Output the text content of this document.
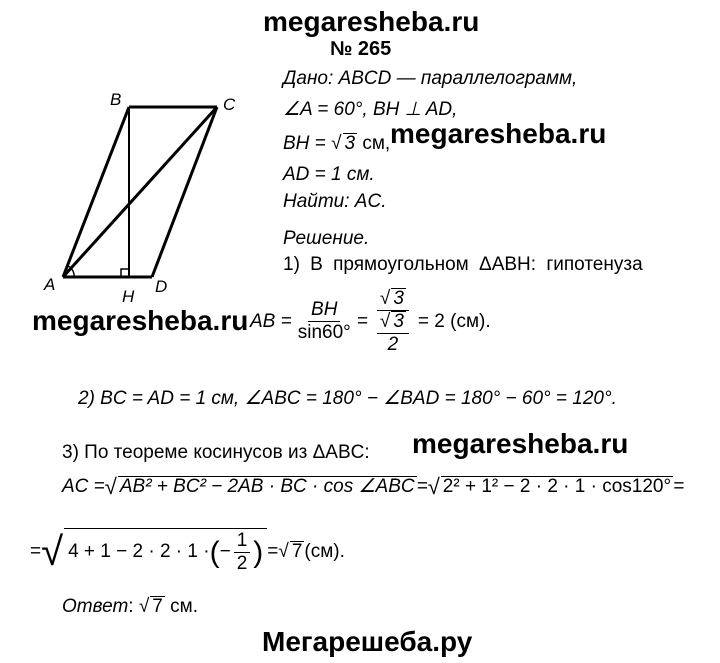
megaresheba.ru
megaresheba.ru
megaresheba.ru
megaresheba.ru
Мегарешеба.ру
№ 265
A
B	C
D
H
Дано: ABCD — параллелограмм,
∠A = 60°, BH ⊥ AD,
BH = √ 3 см,
AD = 1 см.
Найти: AC.
Решение.
1) В прямоугольном ΔABH: гипотенуза
AB = $\frac{BH}{\sin 60^\circ} = \frac{√ 3}{\frac{√ 3}{2}} = 2$ (см).
2) BC = AD = 1 см, ∠ABC = 180° − ∠BAD = 180° − 60° = 120°.
3) По теореме косинусов из ΔABC:
AC = √ AB² + BC² − 2AB · BC · cos ∠ABC = √ 2² + 1² − 2 · 2 · 1 · cos120° =
= √ 4 + 1 − 2 · 2 · 1 · ( − $\frac{1}{2}$ ) = √ 7 (см).
Ответ: √ 7 см.
